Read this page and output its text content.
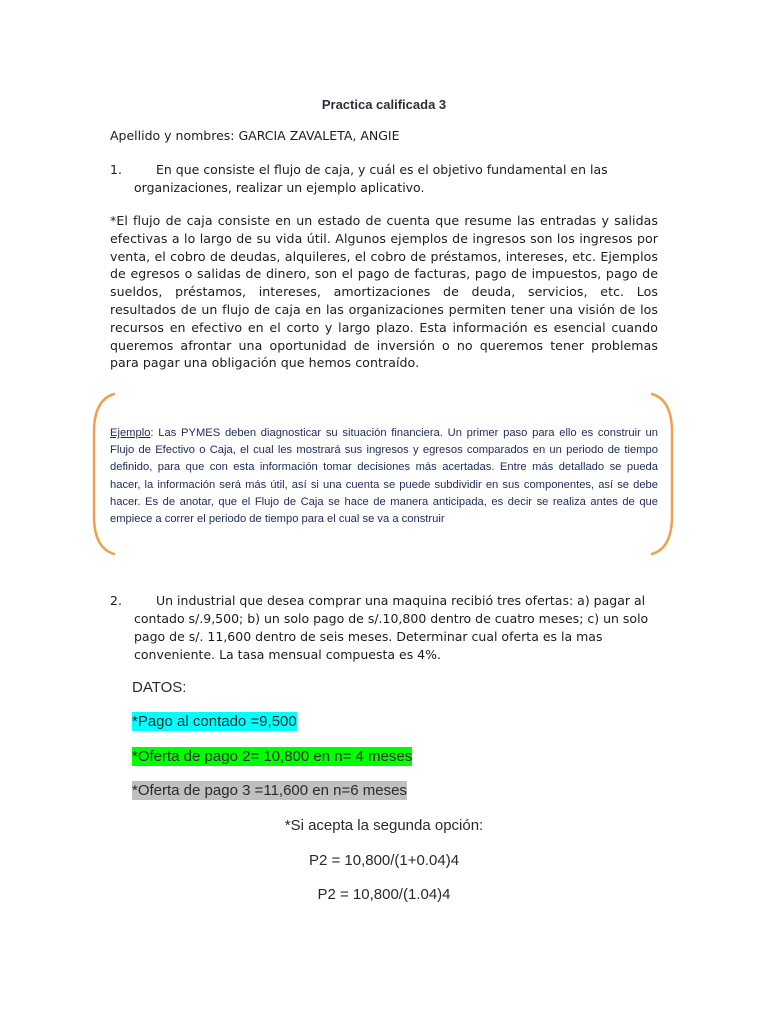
Practica calificada 3

Apellido y nombres: GARCIA ZAVALETA, ANGIE

1.	En que consiste el flujo de caja, y cuál es el objetivo fundamental en las organizaciones, realizar un ejemplo aplicativo.

*El flujo de caja consiste en un estado de cuenta que resume las entradas y salidas efectivas a lo largo de su vida útil. Algunos ejemplos de ingresos son los ingresos por venta, el cobro de deudas, alquileres, el cobro de préstamos, intereses, etc. Ejemplos de egresos o salidas de dinero, son el pago de facturas, pago de impuestos, pago de sueldos, préstamos, intereses, amortizaciones de deuda, servicios, etc. Los resultados de un flujo de caja en las organizaciones permiten tener una visión de los recursos en efectivo en el corto y largo plazo. Esta información es esencial cuando queremos afrontar una oportunidad de inversión o no queremos tener problemas para pagar una obligación que hemos contraído.

Ejemplo: Las PYMES deben diagnosticar su situación financiera. Un primer paso para ello es construir un Flujo de Efectivo o Caja, el cual les mostrará sus ingresos y egresos comparados en un periodo de tiempo definido, para que con esta información tomar decisiones más acertadas. Entre más detallado se pueda hacer, la información será más útil, así si una cuenta se puede subdividir en sus componentes, así se debe hacer. Es de anotar, que el Flujo de Caja se hace de manera anticipada, es decir se realiza antes de que empiece a correr el periodo de tiempo para el cual se va a construir

2.	Un industrial que desea comprar una maquina recibió tres ofertas: a) pagar al contado s/.9,500; b) un solo pago de s/.10,800 dentro de cuatro meses; c) un solo pago de s/. 11,600 dentro de seis meses. Determinar cual oferta es la mas conveniente. La tasa mensual compuesta es 4%.

DATOS:

*Pago al contado =9,500

*Oferta de pago 2= 10,800 en n= 4 meses

*Oferta de pago 3 =11,600 en n=6 meses

*Si acepta la segunda opción:

P2 = 10,800/(1+0.04)4

P2 = 10,800/(1.04)4
